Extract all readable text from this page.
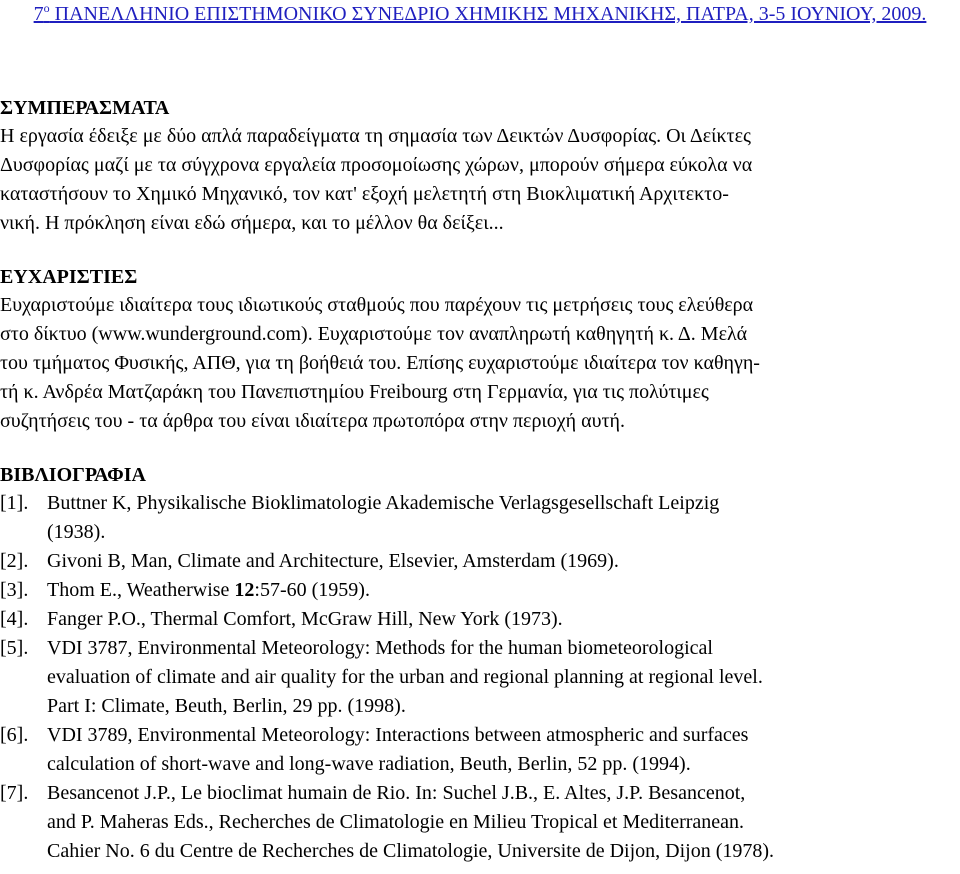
$7^o$ ΠΑΝΕΛΛΗΝΙΟ ΕΠΙΣΤΗΜΟΝΙΚΟ ΣΥΝΕΔΡΙΟ ΧΗΜΙΚΗΣ ΜΗΧΑΝΙΚΗΣ, ΠΑΤΡΑ, 3-5 ΙΟΥΝΙΟΥ, 2009.
ΣΥΜΠΕΡΑΣΜΑΤΑ

Η εργασία έδειξε με δύο απλά παραδείγματα τη σημασία των Δεικτών Δυσφορίας. Οι Δείκτες
Δυσφορίας μαζί με τα σύγχρονα εργαλεία προσομοίωσης χώρων, μπορούν σήμερα εύκολα να
καταστήσουν το Χημικό Μηχανικό, τον κατ' εξοχή μελετητή στη Βιοκλιματική Αρχιτεκτο-
νική. Η πρόκληση είναι εδώ σήμερα, και το μέλλον θα δείξει...

ΕΥΧΑΡΙΣΤΙΕΣ

Ευχαριστούμε ιδιαίτερα τους ιδιωτικούς σταθμούς που παρέχουν τις μετρήσεις τους ελεύθερα
στο δίκτυο (www.wunderground.com). Ευχαριστούμε τον αναπληρωτή καθηγητή κ. Δ. Μελά
του τμήματος Φυσικής, ΑΠΘ, για τη βοήθειά του. Επίσης ευχαριστούμε ιδιαίτερα τον καθηγη-
τή κ. Ανδρέα Ματζαράκη του Πανεπιστημίου Freibourg στη Γερμανία, για τις πολύτιμες
συζητήσεις του - τα άρθρα του είναι ιδιαίτερα πρωτοπόρα στην περιοχή αυτή.

ΒΙΒΛΙΟΓΡΑΦΙΑ
[1]. Buttner K, Physikalische Bioklimatologie Akademische Verlagsgesellschaft Leipzig
(1938).
[2]. Givoni B, Man, Climate and Architecture, Elsevier, Amsterdam (1969).
[3]. Thom E., Weatherwise 12:57-60 (1959).
[4]. Fanger P.O., Thermal Comfort, McGraw Hill, New York (1973).
[5]. VDI 3787, Environmental Meteorology: Methods for the human biometeorological
evaluation of climate and air quality for the urban and regional planning at regional level.
Part I: Climate, Beuth, Berlin, 29 pp. (1998).
[6]. VDI 3789, Environmental Meteorology: Interactions between atmospheric and surfaces
calculation of short-wave and long-wave radiation, Beuth, Berlin, 52 pp. (1994).
[7]. Besancenot J.P., Le bioclimat humain de Rio. In: Suchel J.B., E. Altes, J.P. Besancenot,
and P. Maheras Eds., Recherches de Climatologie en Milieu Tropical et Mediterranean.
Cahier No. 6 du Centre de Recherches de Climatologie, Universite de Dijon, Dijon (1978).
